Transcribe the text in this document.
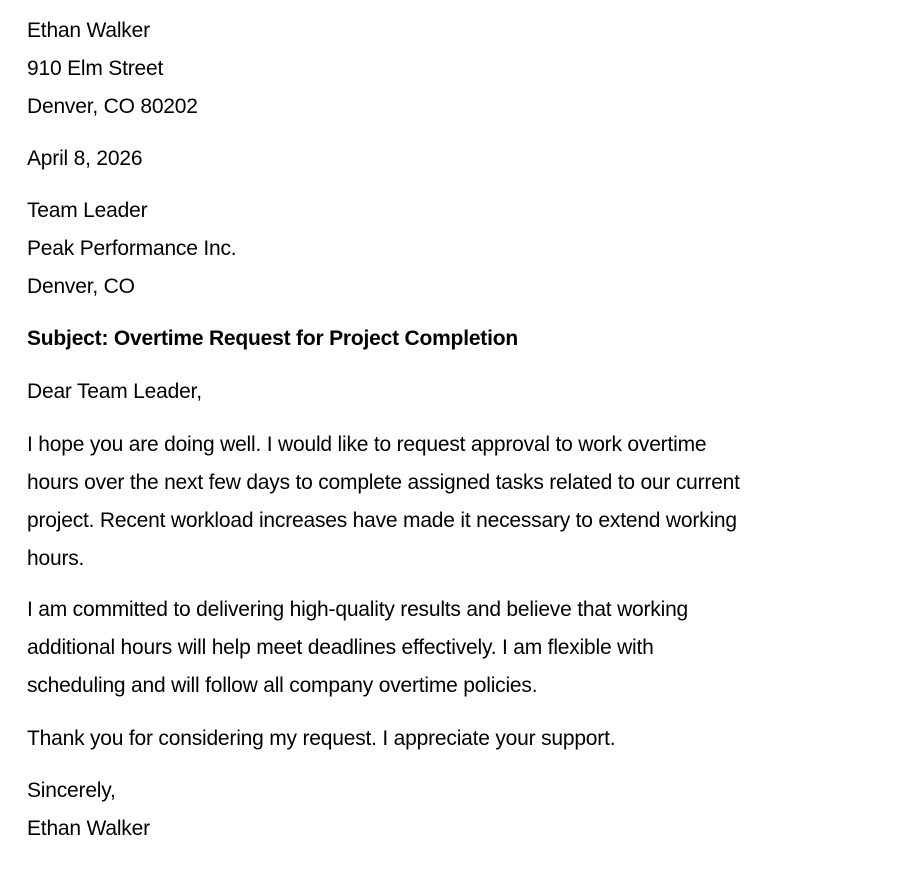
Ethan Walker
910 Elm Street
Denver, CO 80202
April 8, 2026
Team Leader
Peak Performance Inc.
Denver, CO
Subject: Overtime Request for Project Completion
Dear Team Leader,
I hope you are doing well. I would like to request approval to work overtime
hours over the next few days to complete assigned tasks related to our current
project. Recent workload increases have made it necessary to extend working
hours.
I am committed to delivering high-quality results and believe that working
additional hours will help meet deadlines effectively. I am flexible with
scheduling and will follow all company overtime policies.
Thank you for considering my request. I appreciate your support.
Sincerely,
Ethan Walker
